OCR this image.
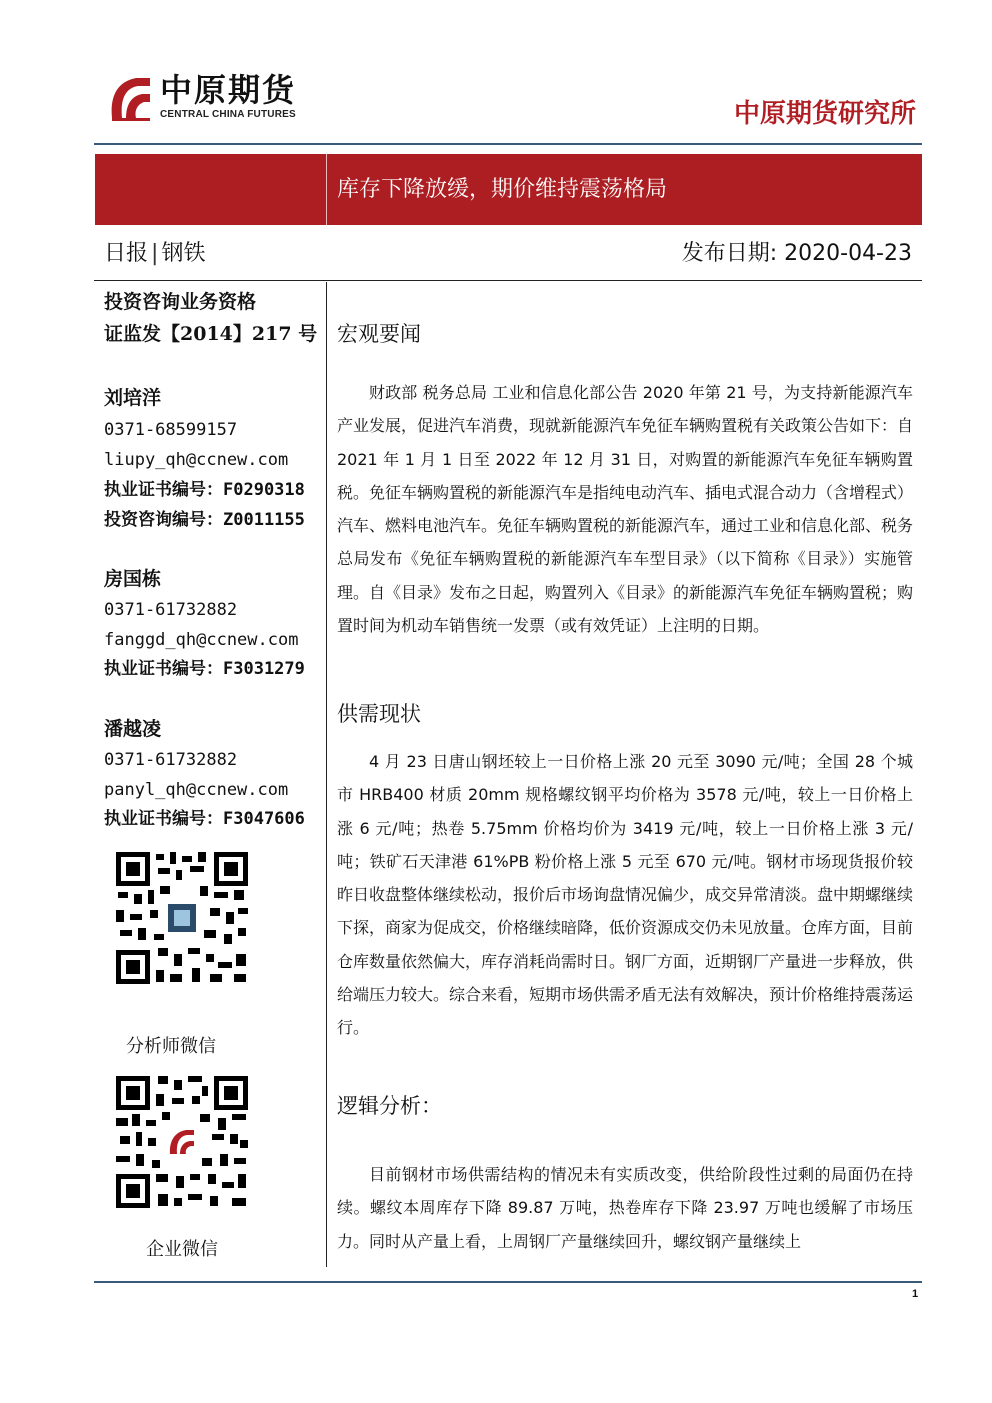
中原期货
CENTRAL CHINA FUTURES	中原期货研究所
库存下降放缓，期价维持震荡格局
日报 | 钢铁	发布日期: 2020-04-23
投资咨询业务资格
证监发【2014】217 号
刘培洋
0371-68599157
liupy_qh@ccnew.com
执业证书编号：F0290318
投资咨询编号：Z0011155
房国栋
0371-61732882
fanggd_qh@ccnew.com
执业证书编号：F3031279
潘越凌
0371-61732882
panyl_qh@ccnew.com
执业证书编号：F3047606
分析师微信
企业微信
宏观要闻
财政部 税务总局 工业和信息化部公告 2020 年第 21 号，为支持新能源汽车产业发展，促进汽车消费，现就新能源汽车免征车辆购置税有关政策公告如下：自 2021 年 1 月 1 日至 2022 年 12 月 31 日，对购置的新能源汽车免征车辆购置税。免征车辆购置税的新能源汽车是指纯电动汽车、插电式混合动力（含增程式）汽车、燃料电池汽车。免征车辆购置税的新能源汽车，通过工业和信息化部、税务总局发布《免征车辆购置税的新能源汽车车型目录》（以下简称《目录》）实施管理。自《目录》发布之日起，购置列入《目录》的新能源汽车免征车辆购置税；购置时间为机动车销售统一发票（或有效凭证）上注明的日期。
供需现状
4 月 23 日唐山钢坯较上一日价格上涨 20 元至 3090 元/吨；全国 28 个城市 HRB400 材质 20mm 规格螺纹钢平均价格为 3578 元/吨，较上一日价格上涨 6 元/吨；热卷 5.75mm 价格均价为 3419 元/吨，较上一日价格上涨 3 元/吨；铁矿石天津港 61%PB 粉价格上涨 5 元至 670 元/吨。钢材市场现货报价较昨日收盘整体继续松动，报价后市场询盘情况偏少，成交异常清淡。盘中期螺继续下探，商家为促成交，价格继续暗降，低价资源成交仍未见放量。仓库方面，目前仓库数量依然偏大，库存消耗尚需时日。钢厂方面，近期钢厂产量进一步释放，供给端压力较大。综合来看，短期市场供需矛盾无法有效解决，预计价格维持震荡运行。
逻辑分析：
目前钢材市场供需结构的情况未有实质改变，供给阶段性过剩的局面仍在持续。螺纹本周库存下降 89.87 万吨，热卷库存下降 23.97 万吨也缓解了市场压力。同时从产量上看，上周钢厂产量继续回升，螺纹钢产量继续上
1
